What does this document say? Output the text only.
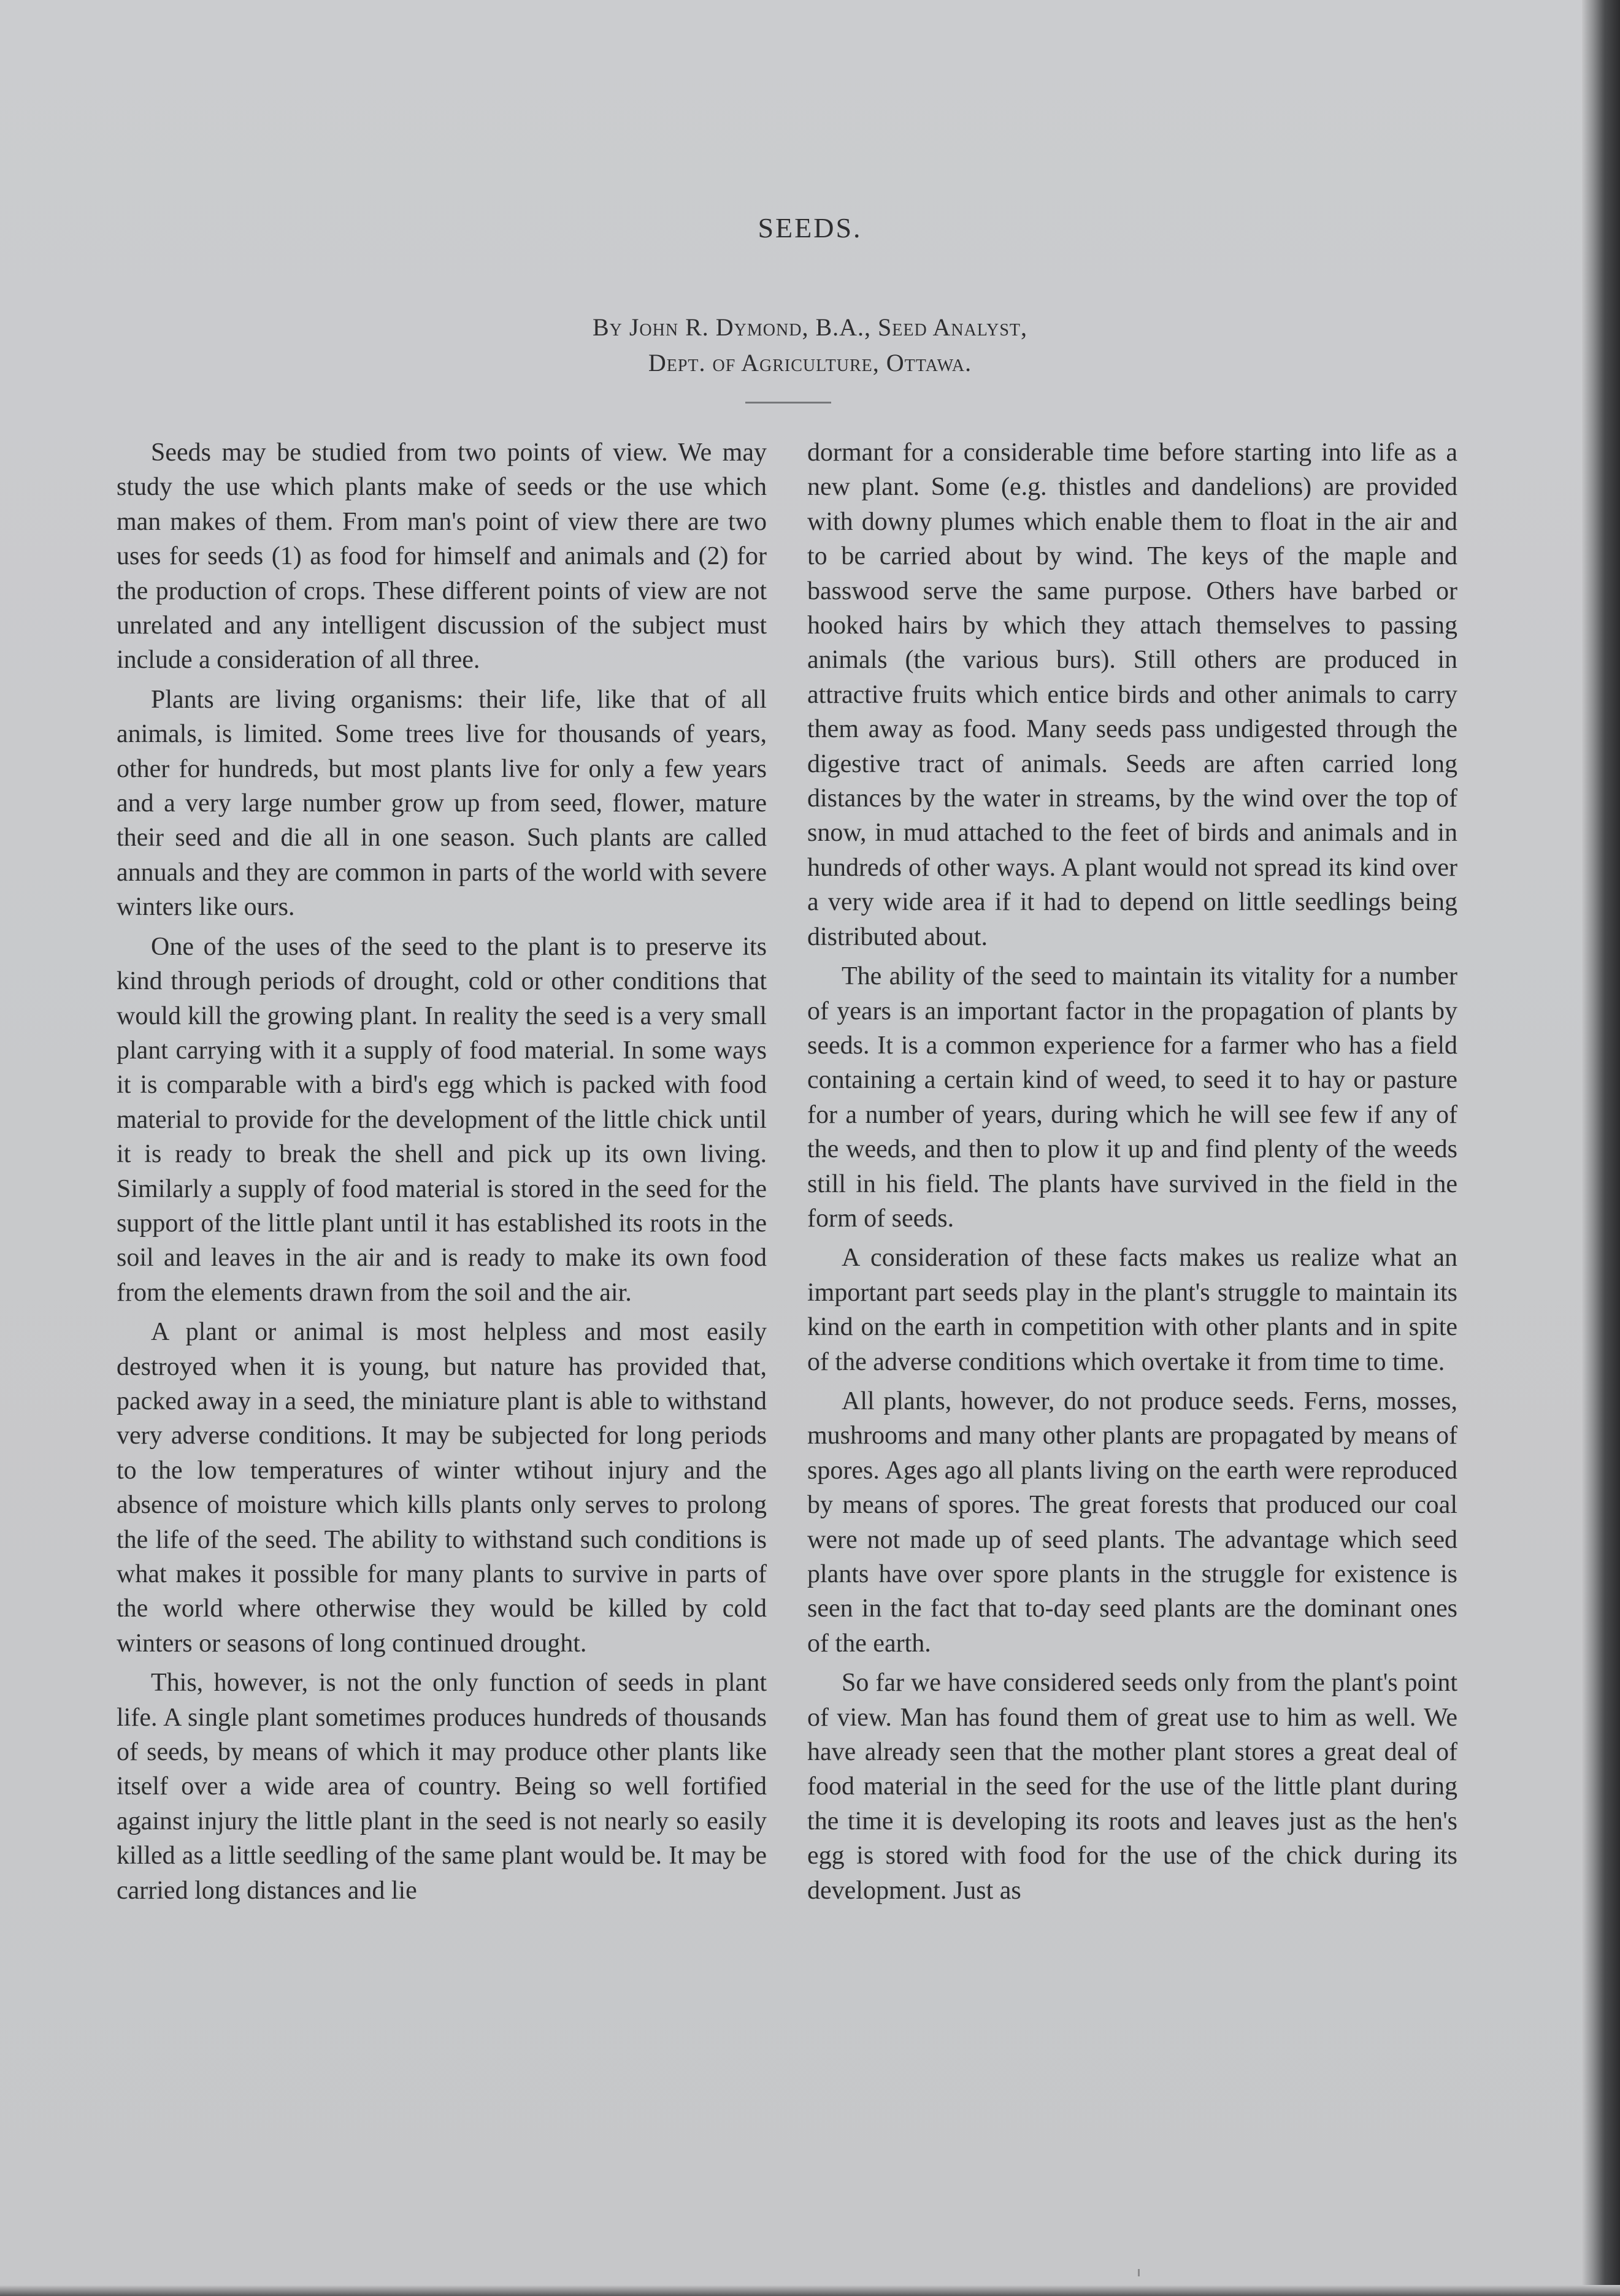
SEEDS.
By John R. Dymond, B.A., Seed Analyst,
Dept. of Agriculture, Ottawa.

Seeds may be studied from two points of view. We may study the use which plants make of seeds or the use which man makes of them. From man's point of view there are two uses for seeds (1) as food for himself and animals and (2) for the production of crops. These different points of view are not unrelated and any intelligent discussion of the subject must include a consideration of all three.

Plants are living organisms: their life, like that of all animals, is limited. Some trees live for thousands of years, other for hundreds, but most plants live for only a few years and a very large number grow up from seed, flower, mature their seed and die all in one season. Such plants are called annuals and they are common in parts of the world with severe winters like ours.

One of the uses of the seed to the plant is to preserve its kind through periods of drought, cold or other conditions that would kill the growing plant. In reality the seed is a very small plant carrying with it a supply of food material. In some ways it is comparable with a bird's egg which is packed with food material to provide for the development of the little chick until it is ready to break the shell and pick up its own living. Similarly a supply of food material is stored in the seed for the support of the little plant until it has established its roots in the soil and leaves in the air and is ready to make its own food from the elements drawn from the soil and the air.

A plant or animal is most helpless and most easily destroyed when it is young, but nature has provided that, packed away in a seed, the miniature plant is able to withstand very adverse conditions. It may be subjected for long periods to the low temperatures of winter wtihout injury and the absence of moisture which kills plants only serves to prolong the life of the seed. The ability to withstand such conditions is what makes it possible for many plants to survive in parts of the world where otherwise they would be killed by cold winters or seasons of long continued drought.

This, however, is not the only function of seeds in plant life. A single plant sometimes produces hundreds of thousands of seeds, by means of which it may produce other plants like itself over a wide area of country. Being so well fortified against injury the little plant in the seed is not nearly so easily killed as a little seedling of the same plant would be. It may be carried long distances and lie

dormant for a considerable time before starting into life as a new plant. Some (e.g. thistles and dandelions) are provided with downy plumes which enable them to float in the air and to be carried about by wind. The keys of the maple and basswood serve the same purpose. Others have barbed or hooked hairs by which they attach themselves to passing animals (the various burs). Still others are produced in attractive fruits which entice birds and other animals to carry them away as food. Many seeds pass undigested through the digestive tract of animals. Seeds are aften carried long distances by the water in streams, by the wind over the top of snow, in mud attached to the feet of birds and animals and in hundreds of other ways. A plant would not spread its kind over a very wide area if it had to depend on little seedlings being distributed about.

The ability of the seed to maintain its vitality for a number of years is an important factor in the propagation of plants by seeds. It is a common experience for a farmer who has a field containing a certain kind of weed, to seed it to hay or pasture for a number of years, during which he will see few if any of the weeds, and then to plow it up and find plenty of the weeds still in his field. The plants have survived in the field in the form of seeds.

A consideration of these facts makes us realize what an important part seeds play in the plant's struggle to maintain its kind on the earth in competition with other plants and in spite of the adverse conditions which overtake it from time to time.

All plants, however, do not produce seeds. Ferns, mosses, mushrooms and many other plants are propagated by means of spores. Ages ago all plants living on the earth were reproduced by means of spores. The great forests that produced our coal were not made up of seed plants. The advantage which seed plants have over spore plants in the struggle for existence is seen in the fact that to-day seed plants are the dominant ones of the earth.

So far we have considered seeds only from the plant's point of view. Man has found them of great use to him as well. We have already seen that the mother plant stores a great deal of food material in the seed for the use of the little plant during the time it is developing its roots and leaves just as the hen's egg is stored with food for the use of the chick during its development. Just as
